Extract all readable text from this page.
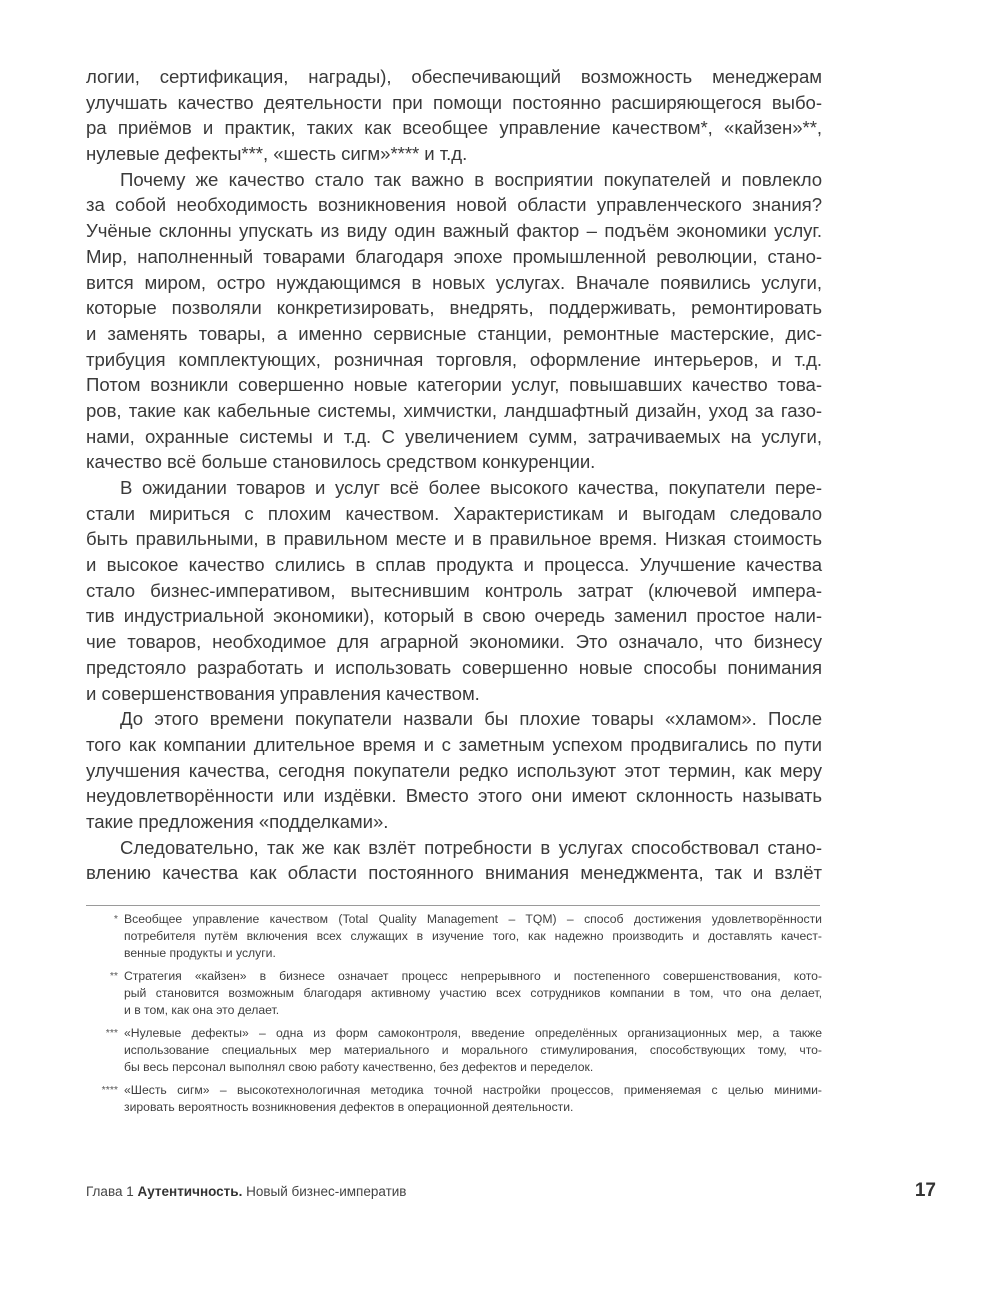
логии, сертификация, награды), обеспечивающий возможность менеджерам
улучшать качество деятельности при помощи постоянно расширяющегося выбо-
ра приёмов и практик, таких как всеобщее управление качеством*, «кайзен»**,
нулевые дефекты***, «шесть сигм»**** и т.д.
Почему же качество стало так важно в восприятии покупателей и повлекло
за собой необходимость возникновения новой области управленческого знания?
Учёные склонны упускать из виду один важный фактор – подъём экономики услуг.
Мир, наполненный товарами благодаря эпохе промышленной революции, стано-
вится миром, остро нуждающимся в новых услугах. Вначале появились услуги,
которые позволяли конкретизировать, внедрять, поддерживать, ремонтировать
и заменять товары, а именно сервисные станции, ремонтные мастерские, дис-
трибуция комплектующих, розничная торговля, оформление интерьеров, и т.д.
Потом возникли совершенно новые категории услуг, повышавших качество това-
ров, такие как кабельные системы, химчистки, ландшафтный дизайн, уход за газо-
нами, охранные системы и т.д. С увеличением сумм, затрачиваемых на услуги,
качество всё больше становилось средством конкуренции.
В ожидании товаров и услуг всё более высокого качества, покупатели пере-
стали мириться с плохим качеством. Характеристикам и выгодам следовало
быть правильными, в правильном месте и в правильное время. Низкая стоимость
и высокое качество слились в сплав продукта и процесса. Улучшение качества
стало бизнес-императивом, вытеснившим контроль затрат (ключевой импера-
тив индустриальной экономики), который в свою очередь заменил простое нали-
чие товаров, необходимое для аграрной экономики. Это означало, что бизнесу
предстояло разработать и использовать совершенно новые способы понимания
и совершенствования управления качеством.
До этого времени покупатели назвали бы плохие товары «хламом». После
того как компании длительное время и с заметным успехом продвигались по пути
улучшения качества, сегодня покупатели редко используют этот термин, как меру
неудовлетворённости или издёвки. Вместо этого они имеют склонность называть
такие предложения «подделками».
Следовательно, так же как взлёт потребности в услугах способствовал стано-
влению качества как области постоянного внимания менеджмента, так и взлёт
* Всеобщее управление качеством (Total Quality Management – TQM) – способ достижения удовлетворённости
потребителя путём включения всех служащих в изучение того, как надежно производить и доставлять качест-
венные продукты и услуги.
** Стратегия «кайзен» в бизнесе означает процесс непрерывного и постепенного совершенствования, кото-
рый становится возможным благодаря активному участию всех сотрудников компании в том, что она делает,
и в том, как она это делает.
*** «Нулевые дефекты» – одна из форм самоконтроля, введение определённых организационных мер, а также
использование специальных мер материального и морального стимулирования, способствующих тому, что-
бы весь персонал выполнял свою работу качественно, без дефектов и переделок.
**** «Шесть сигм» – высокотехнологичная методика точной настройки процессов, применяемая с целью миними-
зировать вероятность возникновения дефектов в операционной деятельности.
Глава 1 Аутентичность. Новый бизнес-императив	17
